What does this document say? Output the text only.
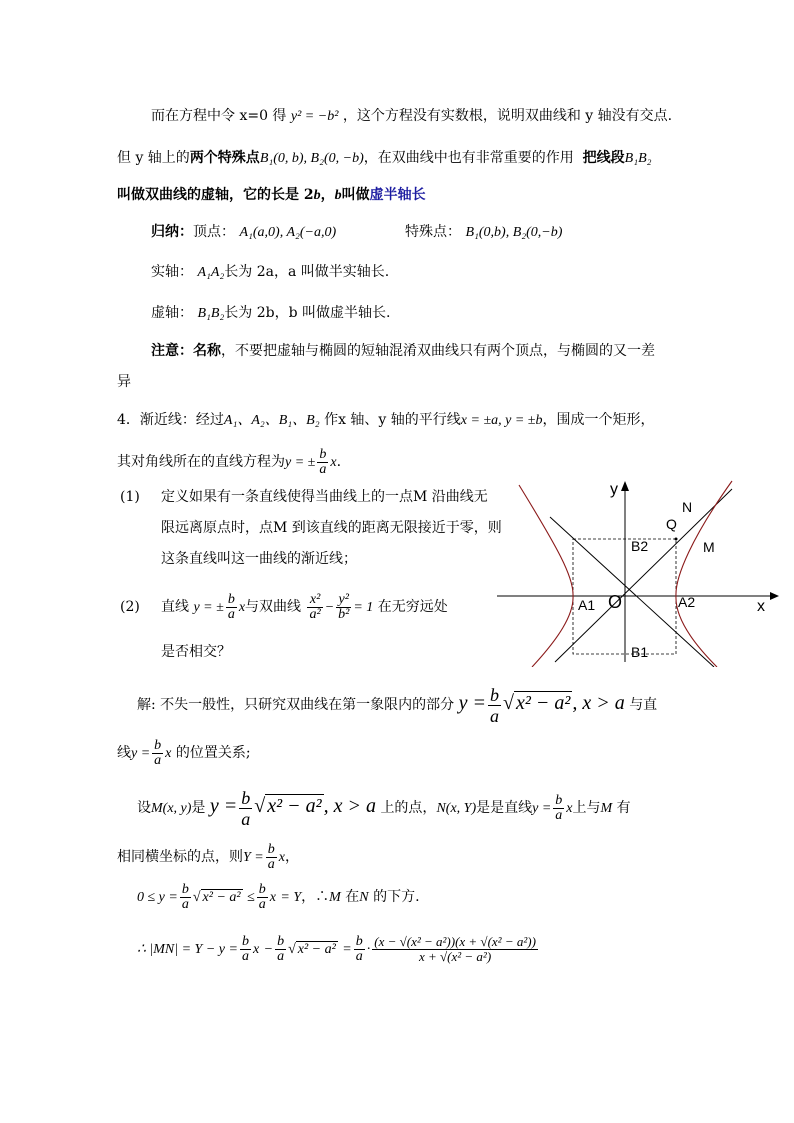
而在方程中令 x=0 得 y² = −b² ，这个方程没有实数根，说明双曲线和 y 轴没有交点.
但 y 轴上的两个特殊点B₁(0, b), B₂(0, −b)，在双曲线中也有非常重要的作用 把线段B₁B₂
叫做双曲线的虚轴，它的长是 2b，b叫做虚半轴长
归纳：顶点： A₁(a,0), A₂(−a,0)	特殊点： B₁(0,b), B₂(0,−b)
实轴： A₁A₂长为 2a，a 叫做半实轴长.
虚轴： B₁B₂长为 2b，b 叫做虚半轴长.
注意：名称，不要把虚轴与椭圆的短轴混淆双曲线只有两个顶点，与椭圆的又一差
异
4．渐近线：经过A₁、A₂、B₁、B₂ 作x 轴、y 轴的平行线x = ±a, y = ±b，围成一个矩形，
其对角线所在的直线方程为y = ± $\frac{b}{a} x$.
(1) 定义如果有一条直线使得当曲线上的一点M 沿曲线无
限远离原点时，点M 到该直线的距离无限接近于零，则
这条直线叫这一曲线的渐近线；
(2) 直线 y = ± $\frac{b}{a}$ x与双曲线 $\frac{\text{x²}}{\text{a²}} - \frac{\text{y²}}{\text{b²}} = 1$ 在无穷远处
是否相交？
y
x
N
Q
M
B2
B1
A1	A2
O
解: 不失一般性，只研究双曲线在第一象限内的部分 $y = \frac{b}{a}$ √ x² − a² , x > a 与直
线$y = \frac{b}{a}$ x 的位置关系;
设M(x, y)是 $y = \frac{b}{a}$ √ x² − a² , x > a 上的点，N(x, Y)是是直线$y = \frac{b}{a}$ x上与M 有
相同横坐标的点，则$Y = \frac{b}{a}$ x，
$0 \le y = \frac{b}{a}$ √ $x^2 - a^2 \le \frac{b}{a}$ x = Y，∴M 在N 的下方.
∴ $|MN| = Y - y = \frac{b}{a}$ $x - \frac{b}{a}$ √ $x^2 - a^2 = \frac{b}{a} \cdot \frac{\text{(x − √(x² − a²))(x + √(x² − a²))}}{\text{x + √(x² − a²)}}$
